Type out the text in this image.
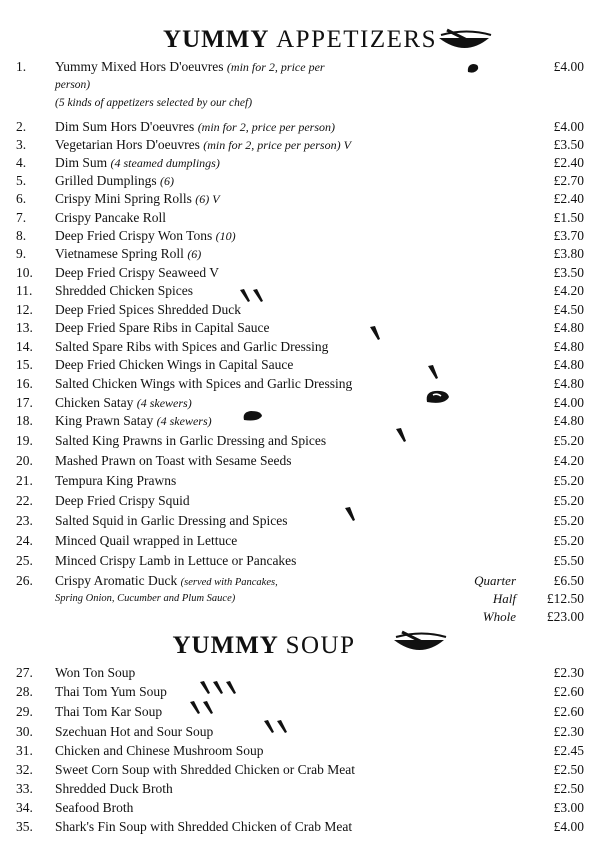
YUMMY APPETIZERS
1. Yummy Mixed Hors D'oeuvres (min for 2, price per	£4.00
person)
(5 kinds of appetizers selected by our chef)
2. Dim Sum Hors D'oeuvres (min for 2, price per person)	£4.00
3. Vegetarian Hors D'oeuvres (min for 2, price per person) V	£3.50
4. Dim Sum (4 steamed dumplings)	£2.40
5. Grilled Dumplings (6)	£2.70
6. Crispy Mini Spring Rolls (6) V	£2.40
7. Crispy Pancake Roll	£1.50
8. Deep Fried Crispy Won Tons (10)	£3.70
9. Vietnamese Spring Roll (6)	£3.80
10. Deep Fried Crispy Seaweed V	£3.50
11. Shredded Chicken Spices	£4.20
12. Deep Fried Spices Shredded Duck	£4.50
13. Deep Fried Spare Ribs in Capital Sauce	£4.80
14. Salted Spare Ribs with Spices and Garlic Dressing	£4.80
15. Deep Fried Chicken Wings in Capital Sauce	£4.80
16. Salted Chicken Wings with Spices and Garlic Dressing	£4.80
17. Chicken Satay (4 skewers)	£4.00
18. King Prawn Satay (4 skewers)	£4.80
19. Salted King Prawns in Garlic Dressing and Spices	£5.20
20. Mashed Prawn on Toast with Sesame Seeds	£4.20
21. Tempura King Prawns	£5.20
22. Deep Fried Crispy Squid	£5.20
23. Salted Squid in Garlic Dressing and Spices	£5.20
24. Minced Quail wrapped in Lettuce	£5.20
25. Minced Crispy Lamb in Lettuce or Pancakes	£5.50
26. Crispy Aromatic Duck (served with Pancakes,	Quarter	£6.50
Spring Onion, Cucumber and Plum Sauce)	Half	£12.50
Whole	£23.00
YUMMY SOUP
27. Won Ton Soup	£2.30
28. Thai Tom Yum Soup	£2.60
29. Thai Tom Kar Soup	£2.60
30. Szechuan Hot and Sour Soup	£2.30
31. Chicken and Chinese Mushroom Soup	£2.45
32. Sweet Corn Soup with Shredded Chicken or Crab Meat	£2.50
33. Shredded Duck Broth	£2.50
34. Seafood Broth	£3.00
35. Shark's Fin Soup with Shredded Chicken of Crab Meat	£4.00
